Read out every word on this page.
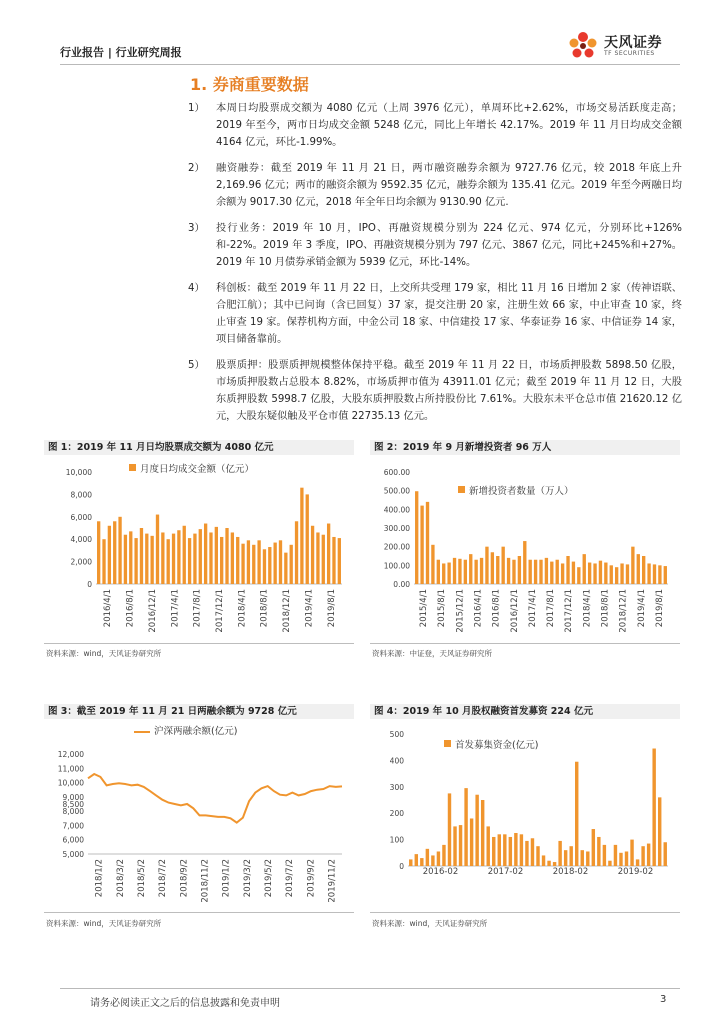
行业报告 | 行业研究周报
天风证券
TF SECURITIES
1. 券商重要数据
1） 本周日均股票成交额为 4080 亿元（上周 3976 亿元），单周环比+2.62%，市场交易活跃度走高；2019 年至今，两市日均成交金额 5248 亿元，同比上年增长 42.17%。2019 年 11 月日均成交金额 4164 亿元，环比-1.99%。
2） 融资融券：截至 2019 年 11 月 21 日，两市融资融券余额为 9727.76 亿元，较 2018 年底上升 2,169.96 亿元；两市的融资余额为 9592.35 亿元，融券余额为 135.41 亿元。2019 年至今两融日均余额为 9017.30 亿元，2018 年全年日均余额为 9130.90 亿元.
3） 投行业务：2019 年 10 月，IPO、再融资规模分别为 224 亿元、974 亿元，分别环比+126%和-22%。2019 年 3 季度，IPO、再融资规模分别为 797 亿元、3867 亿元，同比+245%和+27%。2019 年 10 月债券承销金额为 5939 亿元，环比-14%。
4） 科创板：截至 2019 年 11 月 22 日，上交所共受理 179 家，相比 11 月 16 日增加 2 家（传神语联、合肥江航）；其中已问询（含已回复）37 家，提交注册 20 家，注册生效 66 家，中止审查 10 家，终止审查 19 家。保荐机构方面，中金公司 18 家、中信建投 17 家、华泰证券 16 家、中信证券 14 家，项目储备靠前。
5） 股票质押：股票质押规模整体保持平稳。截至 2019 年 11 月 22 日，市场质押股数 5898.50 亿股，市场质押股数占总股本 8.82%，市场质押市值为 43911.01 亿元；截至 2019 年 11 月 12 日，大股东质押股数 5998.7 亿股，大股东质押股数占所持股份比 7.61%。大股东未平仓总市值 21620.12 亿元，大股东疑似触及平仓市值 22735.13 亿元。
图 1：2019 年 11 月日均股票成交额为 4080 亿元
0
2,000
4,000
6,000
8,000
10,000
2016/4/1 2016/8/1 2016/12/1 2017/4/1 2017/8/1 2017/12/1 2018/4/1 2018/8/1 2018/12/1 2019/4/1 2019/8/1
月度日均成交金额（亿元）
资料来源：wind，天风证券研究所
图 2：2019 年 9 月新增投资者 96 万人
0.00
100.00
200.00
300.00
400.00
500.00
600.00
2015/4/1 2015/8/1 2015/12/1 2016/4/1 2016/8/1 2016/12/1 2017/4/1 2017/8/1 2017/12/1 2018/4/1 2018/8/1 2018/12/1 2019/4/1 2019/8/1
新增投资者数量（万人）
资料来源：中证登，天风证券研究所
图 3：截至 2019 年 11 月 21 日两融余额为 9728 亿元
5,000
6,000
7,000
8,000
8,500
9,000
10,000
11,000
12,000
2018/1/2 2018/3/2 2018/5/2 2018/7/2 2018/9/2 2018/11/2 2019/1/2 2019/3/2 2019/5/2 2019/7/2 2019/9/2 2019/11/2
沪深两融余额(亿元)
资料来源：wind，天风证券研究所
图 4：2019 年 10 月股权融资首发募资 224 亿元
0
100
200
300
400
500
2016-02	2017-02	2018-02	2019-02
首发募集资金(亿元)
资料来源：wind，天风证券研究所
请务必阅读正文之后的信息披露和免责申明	3
